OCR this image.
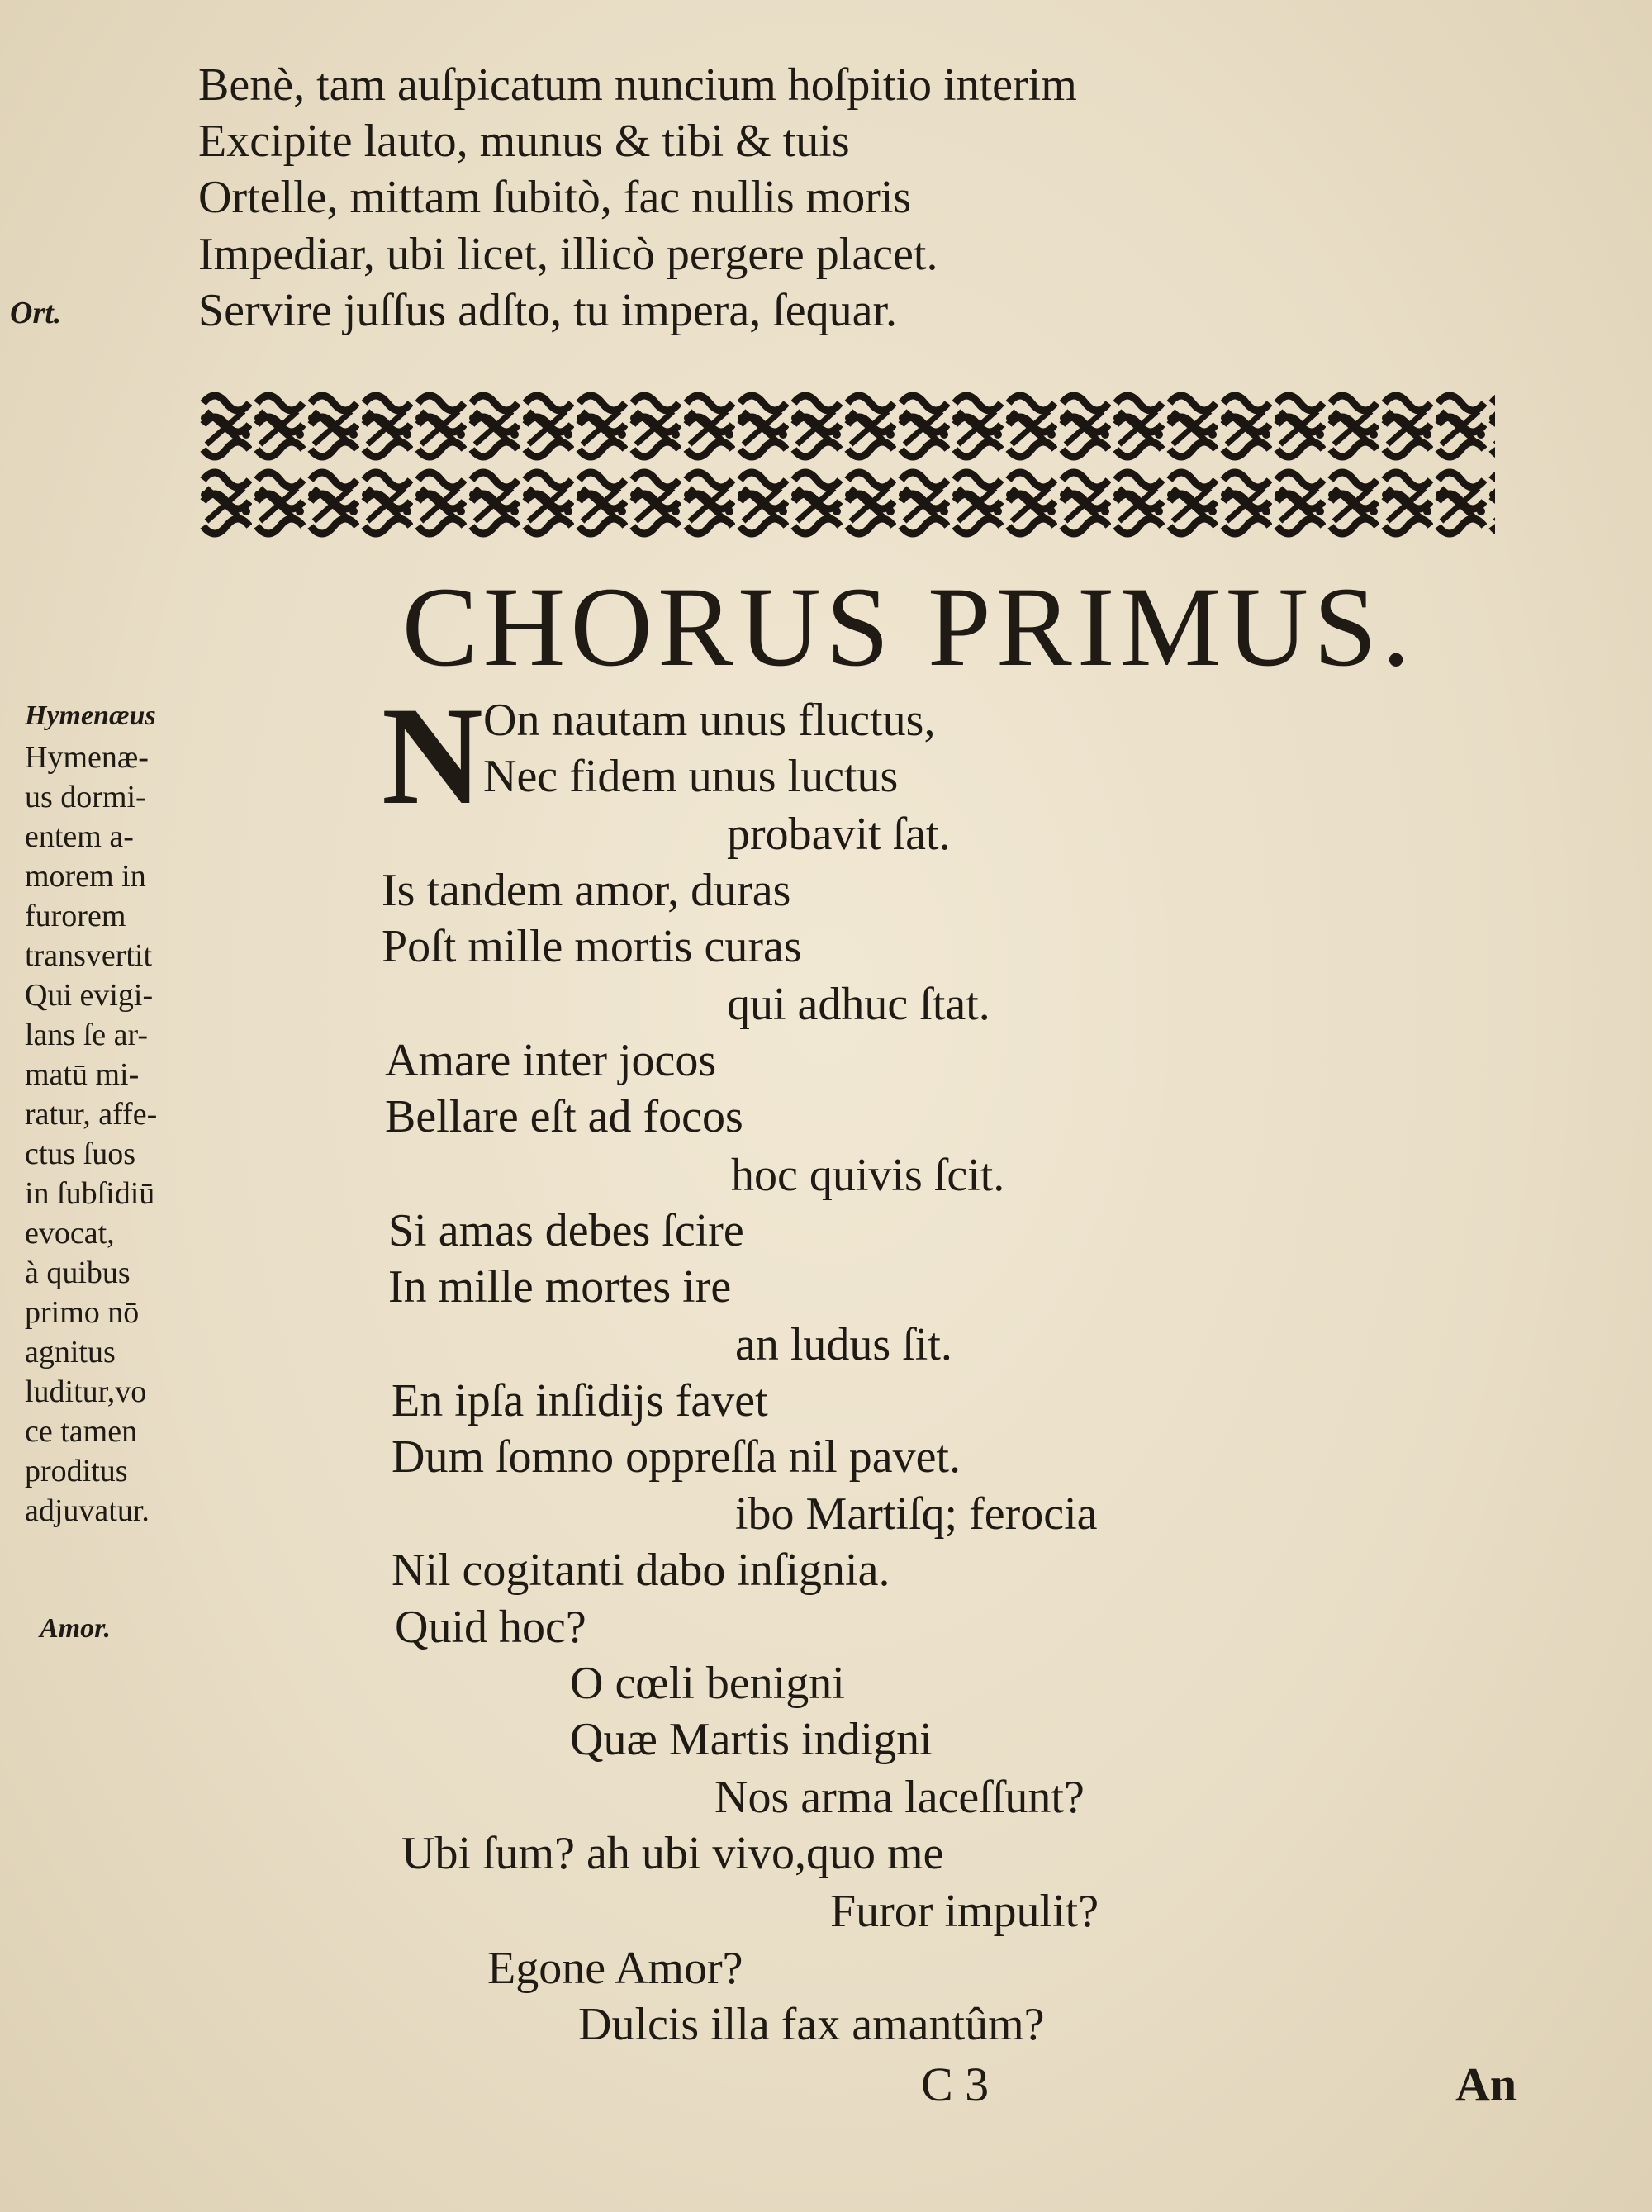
Ort.
Benè, tam auſpicatum nuncium hoſpitio interim
Excipite lauto, munus & tibi & tuis
Ortelle, mittam ſubitò, fac nullis moris
Impediar, ubi licet, illicò pergere placet.
Servire juſſus adſto, tu impera, ſequar.
CHORUS PRIMUS.
N On nautam unus fluctus,
Nec fidem unus luctus
probavit ſat.
Is tandem amor, duras
Poſt mille mortis curas
qui adhuc ſtat.
Amare inter jocos
Bellare eſt ad focos
hoc quivis ſcit.
Si amas debes ſcire
In mille mortes ire
an ludus ſit.
En ipſa inſidijs favet
Dum ſomno oppreſſa nil pavet.
ibo Martiſq; ferocia
Nil cogitanti dabo inſignia.
Quid hoc?
O cœli benigni
Quæ Martis indigni
Nos arma laceſſunt?
Ubi ſum? ah ubi vivo,quo me
Furor impulit?
Egone Amor?
Dulcis illa fax amantûm?
Hymenæus
Hymenæ-
us dormi-
entem a-
morem in
furorem
transvertit
Qui evigi-
lans ſe ar-
matū mi-
ratur, affe-
ctus ſuos
in ſubſidiū
evocat,
à quibus
primo nō
agnitus
luditur,vo
ce tamen
proditus
adjuvatur.
Amor.
C 3	An
